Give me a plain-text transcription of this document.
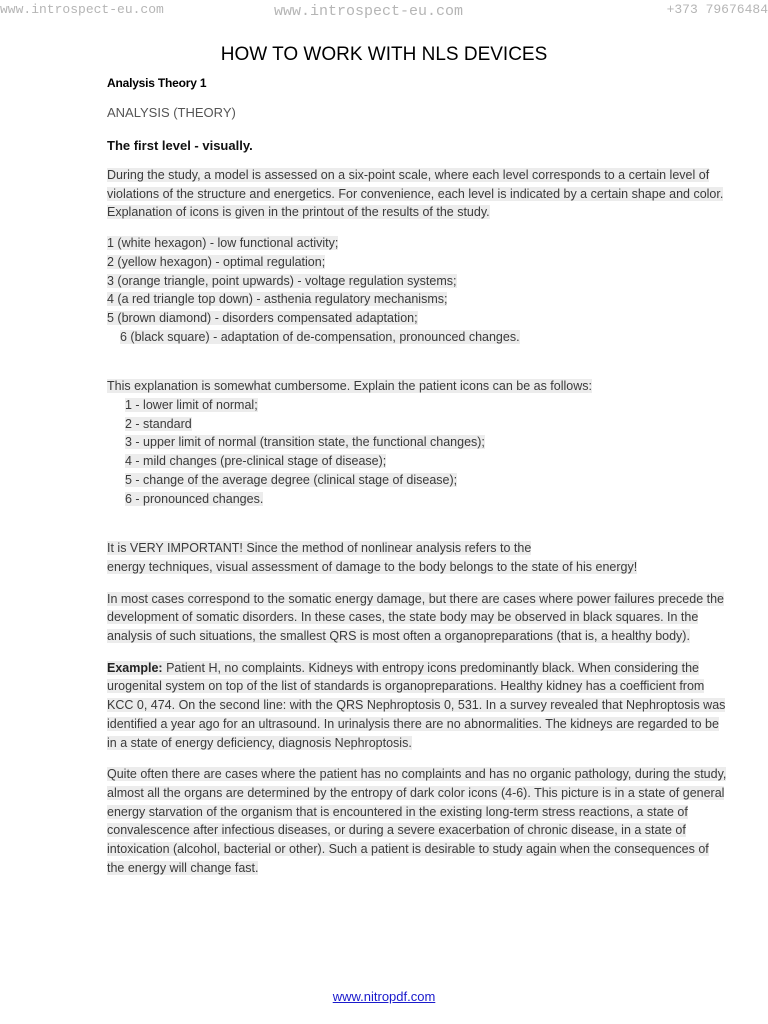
www.introspect-eu.com	www.introspect-eu.com	+373 79676484
HOW TO WORK WITH NLS DEVICES
Analysis Theory 1
ANALYSIS (THEORY)
The first level - visually.

During the study, a model is assessed on a six-point scale, where each level corresponds to a certain level of violations of the structure and energetics. For convenience, each level is indicated by a certain shape and color. Explanation of icons is given in the printout of the results of the study.

1 (white hexagon) - low functional activity;
2 (yellow hexagon) - optimal regulation;
3 (orange triangle, point upwards) - voltage regulation systems;
4 (a red triangle top down) - asthenia regulatory mechanisms;
5 (brown diamond) - disorders compensated adaptation;
6 (black square) - adaptation of de-compensation, pronounced changes.

This explanation is somewhat cumbersome. Explain the patient icons can be as follows:

1 - lower limit of normal;
2 - standard
3 - upper limit of normal (transition state, the functional changes);
4 - mild changes (pre-clinical stage of disease);
5 - change of the average degree (clinical stage of disease);
6 - pronounced changes.

It is VERY IMPORTANT! Since the method of nonlinear analysis refers to the
energy techniques, visual assessment of damage to the body belongs to the state of his energy!

In most cases correspond to the somatic energy damage, but there are cases where power failures precede the development of somatic disorders. In these cases, the state body may be observed in black squares. In the analysis of such situations, the smallest QRS is most often a organopreparations (that is, a healthy body).

Example: Patient H, no complaints. Kidneys with entropy icons predominantly black. When considering the urogenital system on top of the list of standards is organopreparations. Healthy kidney has a coefficient from KCC 0, 474. On the second line: with the QRS Nephroptosis 0, 531. In a survey revealed that Nephroptosis was identified a year ago for an ultrasound. In urinalysis there are no abnormalities. The kidneys are regarded to be in a state of energy deficiency, diagnosis Nephroptosis.

Quite often there are cases where the patient has no complaints and has no organic pathology, during the study, almost all the organs are determined by the entropy of dark color icons (4-6). This picture is in a state of general energy starvation of the organism that is encountered in the existing long-term stress reactions, a state of convalescence after infectious diseases, or during a severe exacerbation of chronic disease, in a state of intoxication (alcohol, bacterial or other). Such a patient is desirable to study again when the consequences of the energy will change fast.

www.nitropdf.com
